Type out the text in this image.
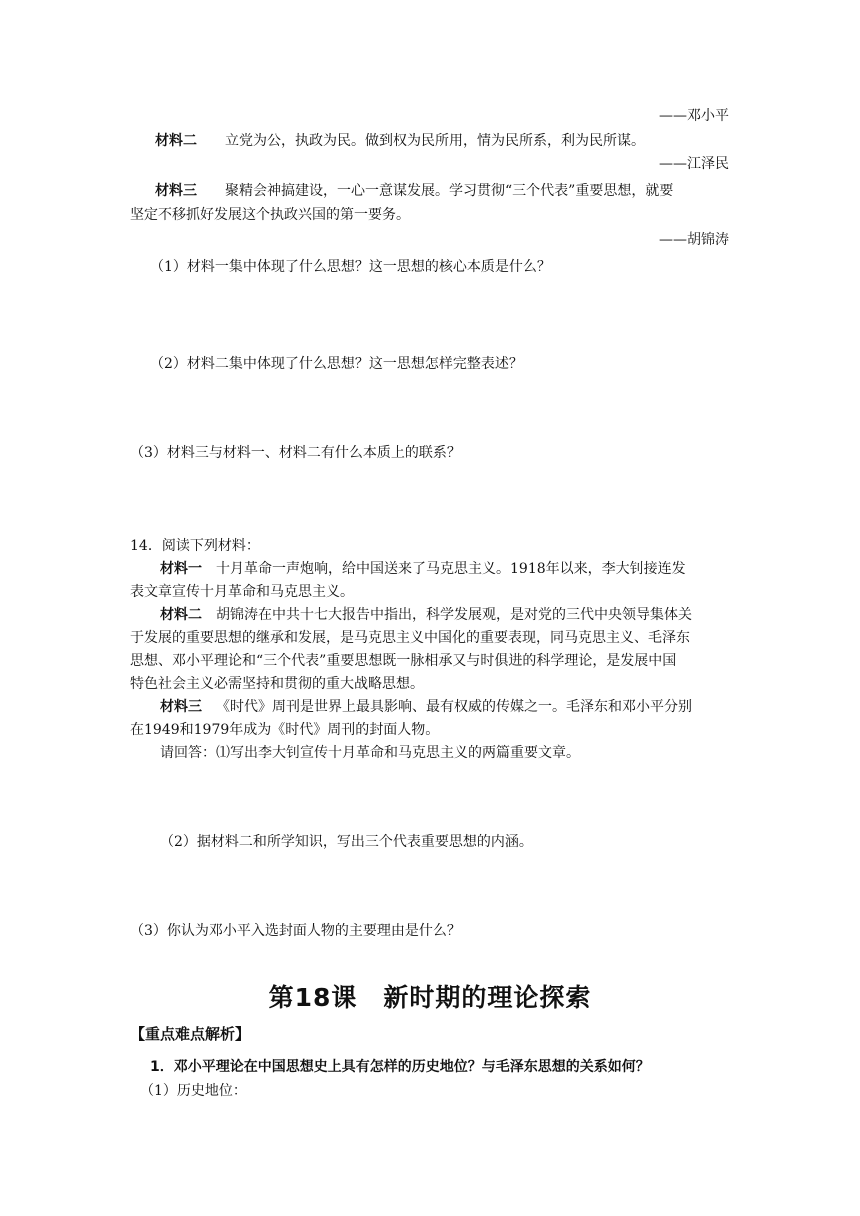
——邓小平
材料二 立党为公，执政为民。做到权为民所用，情为民所系，利为民所谋。
——江泽民
材料三 聚精会神搞建设，一心一意谋发展。学习贯彻“三个代表”重要思想，就要
坚定不移抓好发展这个执政兴国的第一要务。
——胡锦涛
（1）材料一集中体现了什么思想？这一思想的核心本质是什么？
（2）材料二集中体现了什么思想？这一思想怎样完整表述？
（3）材料三与材料一、材料二有什么本质上的联系？
14．阅读下列材料：
材料一 十月革命一声炮响，给中国送来了马克思主义。1918年以来，李大钊接连发
表文章宣传十月革命和马克思主义。
材料二 胡锦涛在中共十七大报告中指出，科学发展观，是对党的三代中央领导集体关
于发展的重要思想的继承和发展，是马克思主义中国化的重要表现，同马克思主义、毛泽东
思想、邓小平理论和“三个代表”重要思想既一脉相承又与时俱进的科学理论，是发展中国
特色社会主义必需坚持和贯彻的重大战略思想。
材料三 《时代》周刊是世界上最具影响、最有权威的传媒之一。毛泽东和邓小平分别
在1949和1979年成为《时代》周刊的封面人物。
请回答：⑴写出李大钊宣传十月革命和马克思主义的两篇重要文章。
（2）据材料二和所学知识，写出三个代表重要思想的内涵。
（3）你认为邓小平入选封面人物的主要理由是什么？
第18课　新时期的理论探索
【重点难点解析】
1．邓小平理论在中国思想史上具有怎样的历史地位？与毛泽东思想的关系如何？
（1）历史地位：
